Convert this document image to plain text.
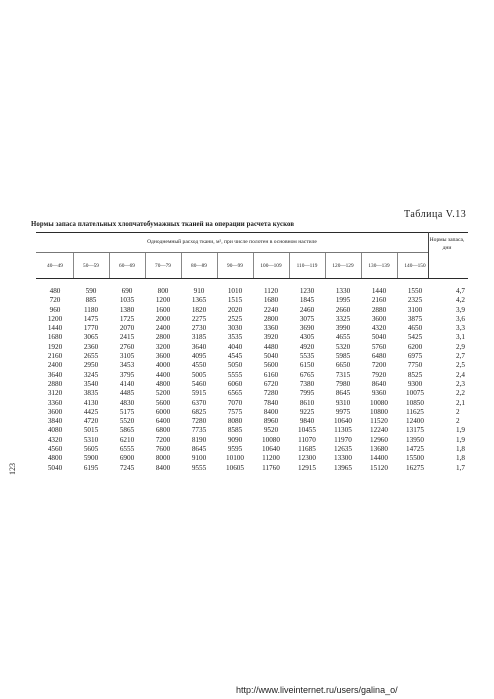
Таблица V.13
Нормы запаса плательных хлопчатобумажных тканей на операции расчета кусков
Одноднемный расход ткани, м², при числе полотен в основном настиле	Нормы запаса, дни
40—49	50—59	60—69	70—79	80—89	90—99	100—109	110—119	120—129	130—139	140—150
480	590	690	800	910	1010	1120	1230	1330	1440	1550	4,7
720	885	1035	1200	1365	1515	1680	1845	1995	2160	2325	4,2
960	1180	1380	1600	1820	2020	2240	2460	2660	2880	3100	3,9
1200	1475	1725	2000	2275	2525	2800	3075	3325	3600	3875	3,6
1440	1770	2070	2400	2730	3030	3360	3690	3990	4320	4650	3,3
1680	3065	2415	2800	3185	3535	3920	4305	4655	5040	5425	3,1
1920	2360	2760	3200	3640	4040	4480	4920	5320	5760	6200	2,9
2160	2655	3105	3600	4095	4545	5040	5535	5985	6480	6975	2,7
2400	2950	3453	4000	4550	5050	5600	6150	6650	7200	7750	2,5
3640	3245	3795	4400	5005	5555	6160	6765	7315	7920	8525	2,4
2880	3540	4140	4800	5460	6060	6720	7380	7980	8640	9300	2,3
3120	3835	4485	5200	5915	6565	7280	7995	8645	9360	10075	2,2
3360	4130	4830	5600	6370	7070	7840	8610	9310	10080	10850	2,1
3600	4425	5175	6000	6825	7575	8400	9225	9975	10800	11625	2
3840	4720	5520	6400	7280	8080	8960	9840	10640	11520	12400	2
4080	5015	5865	6800	7735	8585	9520	10455	11305	12240	13175	1,9
4320	5310	6210	7200	8190	9090	10080	11070	11970	12960	13950	1,9
4560	5605	6555	7600	8645	9595	10640	11685	12635	13680	14725	1,8
4800	5900	6900	8000	9100	10100	11200	12300	13300	14400	15500	1,8
5040	6195	7245	8400	9555	10605	11760	12915	13965	15120	16275	1,7
123
http://www.liveinternet.ru/users/galina_o/
